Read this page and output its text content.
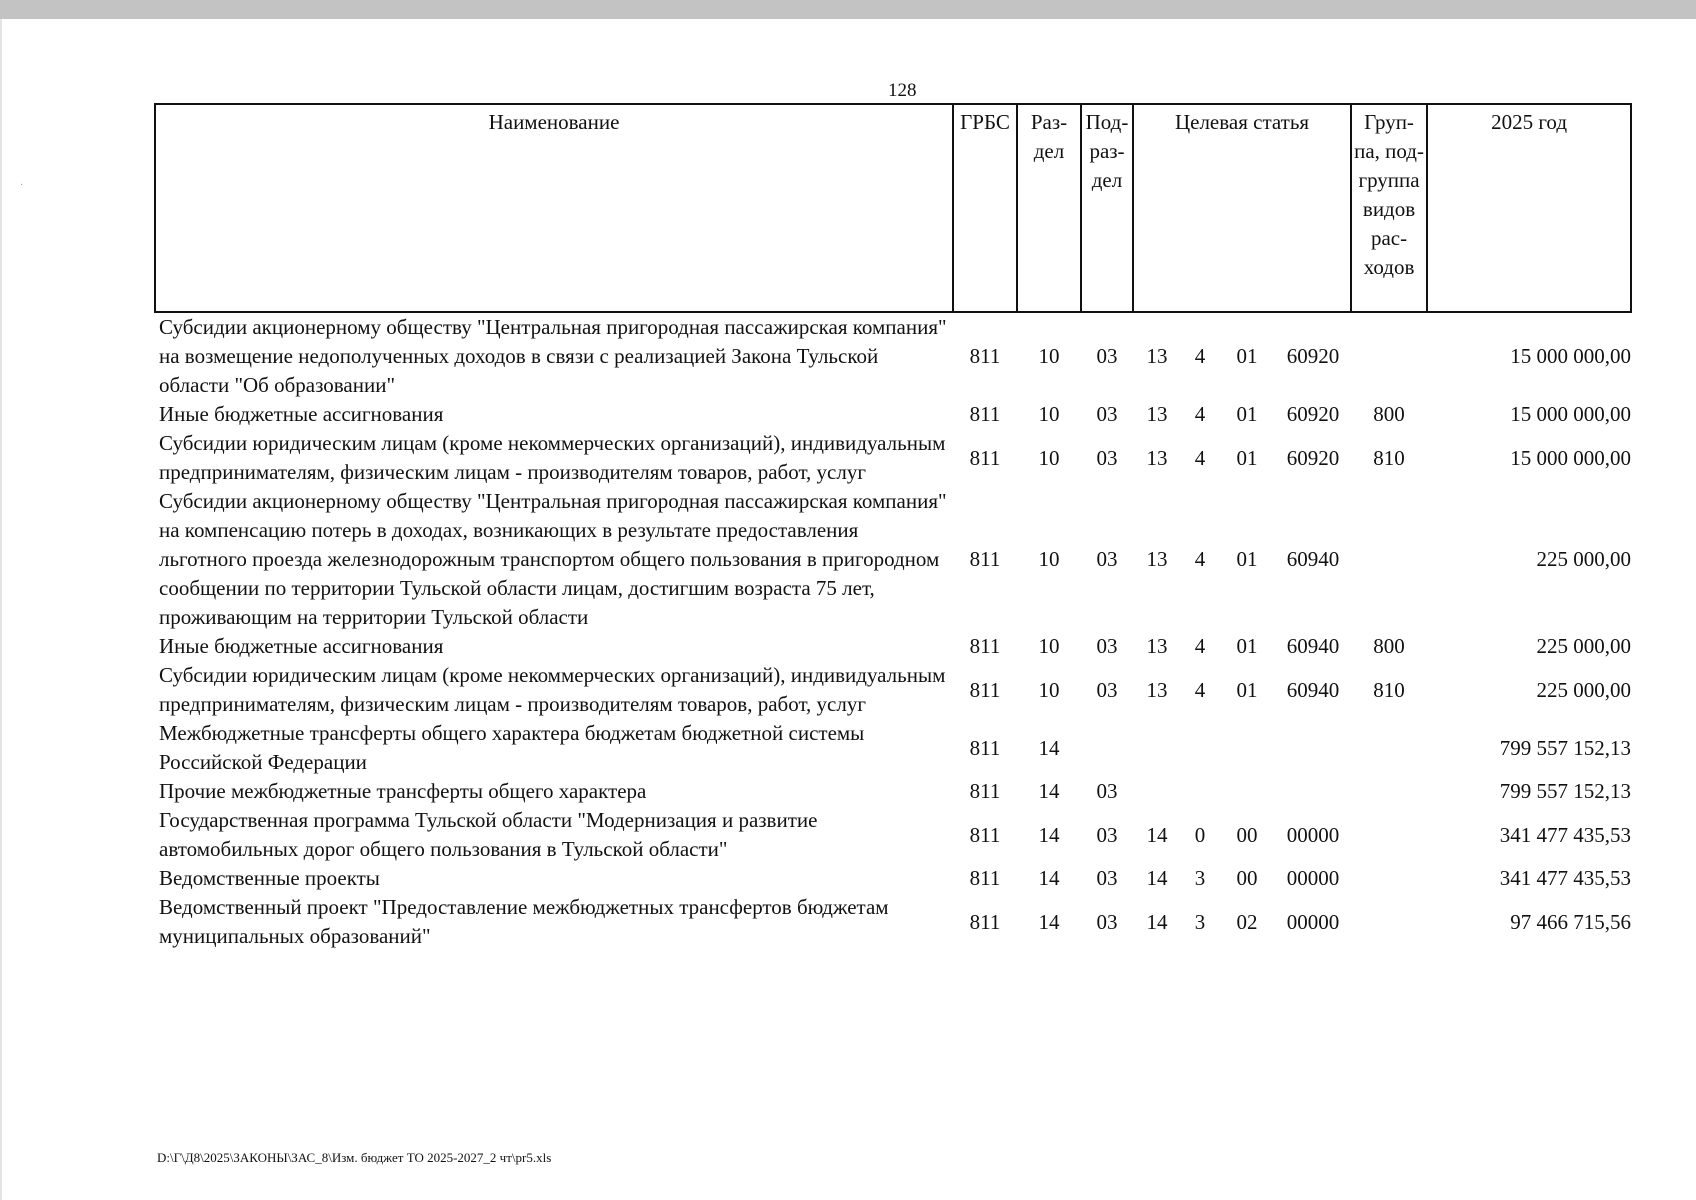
·
128
Наименование	ГРБС	Раз-дел	Под-раз-дел	Целевая статья				Груп-па, под-группа видов рас-ходов	2025 год
Субсидии акционерному обществу "Центральная пригородная пассажирская компания" на возмещение недополученных доходов в связи с реализацией Закона Тульской области "Об образовании"	811	10	03	13	4	01	60920		15 000 000,00
Иные бюджетные ассигнования	811	10	03	13	4	01	60920	800	15 000 000,00
Субсидии юридическим лицам (кроме некоммерческих организаций), индивидуальным предпринимателям, физическим лицам - производителям товаров, работ, услуг	811	10	03	13	4	01	60920	810	15 000 000,00
Субсидии акционерному обществу "Центральная пригородная пассажирская компания" на компенсацию потерь в доходах, возникающих в результате предоставления льготного проезда железнодорожным транспортом общего пользования в пригородном сообщении по территории Тульской области лицам, достигшим возраста 75 лет, проживающим на территории Тульской области	811	10	03	13	4	01	60940		225 000,00
Иные бюджетные ассигнования	811	10	03	13	4	01	60940	800	225 000,00
Субсидии юридическим лицам (кроме некоммерческих организаций), индивидуальным предпринимателям, физическим лицам - производителям товаров, работ, услуг	811	10	03	13	4	01	60940	810	225 000,00
Межбюджетные трансферты общего характера бюджетам бюджетной системы Российской Федерации	811	14							799 557 152,13
Прочие межбюджетные трансферты общего характера	811	14	03						799 557 152,13
Государственная программа Тульской области "Модернизация и развитие автомобильных дорог общего пользования в Тульской области"	811	14	03	14	0	00	00000		341 477 435,53
Ведомственные проекты	811	14	03	14	3	00	00000		341 477 435,53
Ведомственный проект "Предоставление межбюджетных трансфертов бюджетам муниципальных образований"	811	14	03	14	3	02	00000		97 466 715,56
D:\Г\Д8\2025\ЗАКОНЫ\ЗАС_8\Изм. бюджет ТО 2025-2027_2 чт\pr5.xls
